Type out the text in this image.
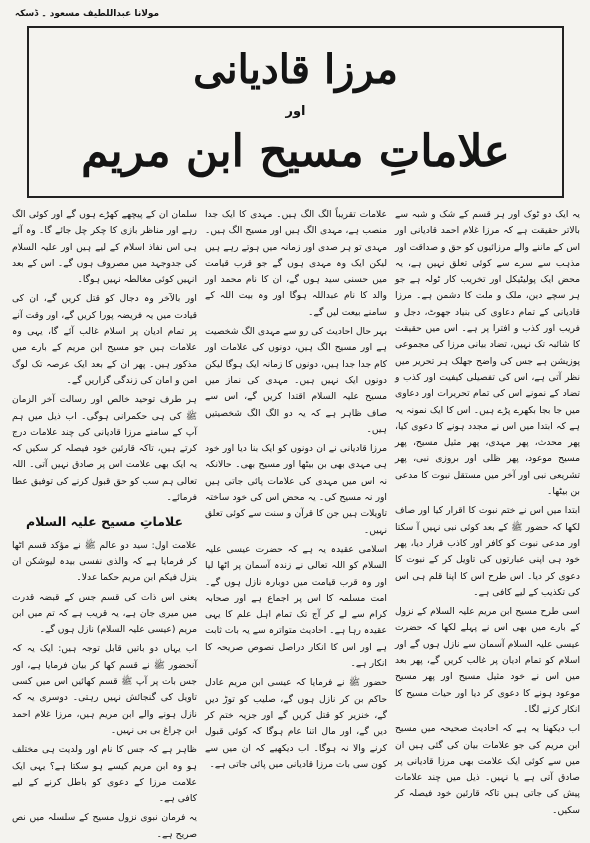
مولانا عبداللطیف مسعود ۔ ڈسکہ
مرزا قادیانی
اور
علاماتِ مسیح ابن مریم

یہ ایک دو ٹوک اور ہر قسم کے شک و شبہ سے بالاتر حقیقت ہے کہ مرزا غلام احمد قادیانی اور اس کے ماننے والے مرزائیوں کو حق و صداقت اور مذہب سے سرے سے کوئی تعلق نہیں ہے، یہ محض ایک پولیٹیکل اور تخریب کار ٹولہ ہے جو ہر سچے دین، ملک و ملت کا دشمن ہے۔ مرزا قادیانی کے تمام دعاوی کی بنیاد جھوٹ، دجل و فریب اور کذب و افترا پر ہے۔ اس میں حقیقت کا شائبہ تک نہیں، تضاد بیانی مرزا کی مجموعی پوزیشن ہے جس کی واضح جھلک ہر تحریر میں نظر آتی ہے، اس کی تفصیلی کیفیت اور کذب و تضاد کے نمونے اس کی تمام تحریرات اور دعاوی میں جا بجا بکھرے پڑے ہیں۔ اس کا ایک نمونہ یہ ہے کہ ابتدا میں اس نے مجدد ہونے کا دعوی کیا، پھر محدث، پھر مہدی، پھر مثیل مسیح، پھر مسیح موعود، پھر ظلی اور بروزی نبی، پھر تشریعی نبی اور آخر میں مستقل نبوت کا مدعی بن بیٹھا۔

ابتدا میں اس نے ختم نبوت کا اقرار کیا اور صاف لکھا کہ حضور ﷺ کے بعد کوئی نبی نہیں آ سکتا اور مدعی نبوت کو کافر اور کاذب قرار دیا، پھر خود ہی اپنی عبارتوں کی تاویل کر کے نبوت کا دعوی کر دیا۔ اس طرح اس کا اپنا قلم ہی اس کی تکذیب کے لیے کافی ہے۔

اسی طرح مسیح ابن مریم علیہ السلام کے نزول کے بارے میں بھی اس نے پہلے لکھا کہ حضرت عیسی علیہ السلام آسمان سے نازل ہوں گے اور اسلام کو تمام ادیان پر غالب کریں گے، پھر بعد میں اس نے خود مثیل مسیح اور پھر مسیح موعود ہونے کا دعوی کر دیا اور حیات مسیح کا انکار کرنے لگا۔

اب دیکھنا یہ ہے کہ احادیث صحیحہ میں مسیح ابن مریم کی جو علامات بیان کی گئی ہیں ان میں سے کوئی ایک علامت بھی مرزا قادیانی پر صادق آتی ہے یا نہیں۔ ذیل میں چند علامات پیش کی جاتی ہیں تاکہ قارئین خود فیصلہ کر سکیں۔

علامات تقریباً الگ الگ ہیں۔ مہدی کا ایک جدا منصب ہے، مہدی الگ ہیں اور مسیح الگ ہیں۔ مہدی تو ہر صدی اور زمانہ میں ہوتے رہے ہیں لیکن ایک وہ مہدی ہوں گے جو قرب قیامت میں حسنی سید ہوں گے، ان کا نام محمد اور والد کا نام عبداللہ ہوگا اور وہ بیت اللہ کے سامنے بیعت لیں گے۔

بہر حال احادیث کی رو سے مہدی الگ شخصیت ہے اور مسیح الگ ہیں، دونوں کی علامات اور کام جدا جدا ہیں، دونوں کا زمانہ ایک ہوگا لیکن دونوں ایک نہیں ہیں۔ مہدی کی نماز میں مسیح علیہ السلام اقتدا کریں گے، اس سے صاف ظاہر ہے کہ یہ دو الگ الگ شخصیتیں ہیں۔

مرزا قادیانی نے ان دونوں کو ایک بنا دیا اور خود ہی مہدی بھی بن بیٹھا اور مسیح بھی۔ حالانکہ نہ اس میں مہدی کی علامات پائی جاتی ہیں اور نہ مسیح کی۔ یہ محض اس کی خود ساختہ تاویلات ہیں جن کا قرآن و سنت سے کوئی تعلق نہیں۔

اسلامی عقیدہ یہ ہے کہ حضرت عیسی علیہ السلام کو اللہ تعالی نے زندہ آسمان پر اٹھا لیا اور وہ قرب قیامت میں دوبارہ نازل ہوں گے۔ امت مسلمہ کا اس پر اجماع ہے اور صحابہ کرام سے لے کر آج تک تمام اہل علم کا یہی عقیدہ رہا ہے۔ احادیث متواترہ سے یہ بات ثابت ہے اور اس کا انکار دراصل نصوص صریحہ کا انکار ہے۔

حضور ﷺ نے فرمایا کہ عیسی ابن مریم عادل حاکم بن کر نازل ہوں گے، صلیب کو توڑ دیں گے، خنزیر کو قتل کریں گے اور جزیہ ختم کر دیں گے، اور مال اتنا عام ہوگا کہ کوئی قبول کرنے والا نہ ہوگا۔ اب دیکھیے کہ ان میں سے کون سی بات مرزا قادیانی میں پائی جاتی ہے۔

سلمان ان کے پیچھے کھڑے ہوں گے اور کوئی الگ رہے اور مناظر بازی کا چکر چل جائے گا۔ وہ آئے ہی اس نفاذ اسلام کے لیے ہیں اور علیہ السلام کی جدوجہد میں مصروف ہوں گے۔ اس کے بعد انہیں کوئی مغالطہ نہیں ہوگا۔

اور بالآخر وہ دجال کو قتل کریں گے، ان کی قیادت میں یہ فریضہ پورا کریں گے، اور وقت آنے پر تمام ادیان پر اسلام غالب آئے گا، یہی وہ علامات ہیں جو مسیح ابن مریم کے بارے میں مذکور ہیں۔ پھر ان کے بعد ایک عرصہ تک لوگ امن و امان کی زندگی گزاریں گے۔

ہر طرف توحید خالص اور رسالت آخر الزمان ﷺ کی ہی حکمرانی ہوگی۔ اب ذیل میں ہم آپ کے سامنے مرزا قادیانی کی چند علامات درج کرتے ہیں، تاکہ قارئین خود فیصلہ کر سکیں کہ یہ ایک بھی علامت اس پر صادق نہیں آتی۔ اللہ تعالی ہم سب کو حق قبول کرنے کی توفیق عطا فرمائے۔

علاماتِ مسیح علیہ السلام

علامت اول: سید دو عالم ﷺ نے مؤکد قسم اٹھا کر فرمایا ہے کہ والذی نفسی بیدہ لیوشکن ان ینزل فیکم ابن مریم حکما عدلا۔

یعنی اس ذات کی قسم جس کے قبضہ قدرت میں میری جان ہے، یہ قریب ہے کہ تم میں ابن مریم (عیسی علیہ السلام) نازل ہوں گے۔

اب یہاں دو باتیں قابل توجہ ہیں: ایک یہ کہ آنحضور ﷺ نے قسم کھا کر بیان فرمایا ہے، اور جس بات پر آپ ﷺ قسم کھائیں اس میں کسی تاویل کی گنجائش نہیں رہتی۔ دوسری یہ کہ نازل ہونے والے ابن مریم ہیں، مرزا غلام احمد ابن چراغ بی بی نہیں۔

ظاہر ہے کہ جس کا نام اور ولدیت ہی مختلف ہو وہ ابن مریم کیسے ہو سکتا ہے؟ یہی ایک علامت مرزا کے دعوی کو باطل کرنے کے لیے کافی ہے۔

یہ فرمان نبوی نزول مسیح کے سلسلہ میں نص صریح ہے۔
